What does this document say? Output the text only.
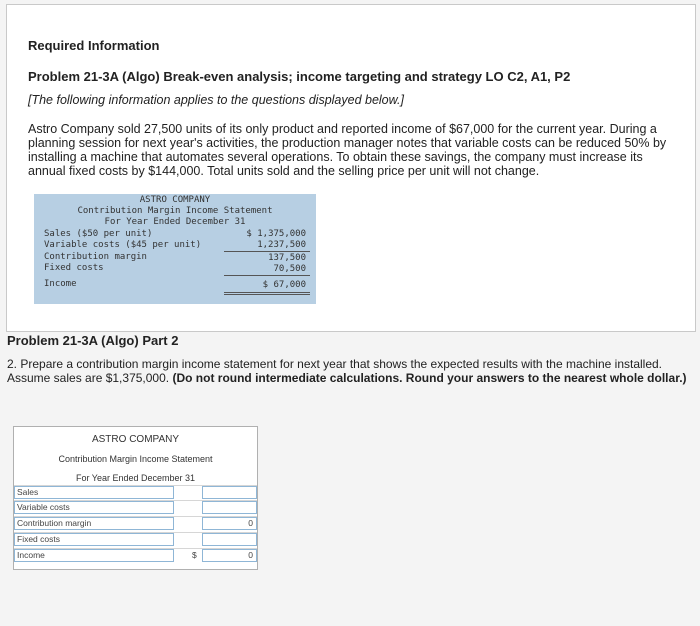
Required Information
Problem 21-3A (Algo) Break-even analysis; income targeting and strategy LO C2, A1, P2
[The following information applies to the questions displayed below.]
Astro Company sold 27,500 units of its only product and reported income of $67,000 for the current year. During a planning session for next year's activities, the production manager notes that variable costs can be reduced 50% by installing a machine that automates several operations. To obtain these savings, the company must increase its annual fixed costs by $144,000. Total units sold and the selling price per unit will not change.
ASTRO COMPANY
Contribution Margin Income Statement
For Year Ended December 31
Sales ($50 per unit)	$ 1,375,000
Variable costs ($45 per unit)	1,237,500
Contribution margin	137,500
Fixed costs	70,500
Income	$ 67,000
Problem 21-3A (Algo) Part 2
2. Prepare a contribution margin income statement for next year that shows the expected results with the machine installed. Assume sales are $1,375,000. (Do not round intermediate calculations. Round your answers to the nearest whole dollar.)
ASTRO COMPANY
Contribution Margin Income Statement
For Year Ended December 31
Sales
Variable costs
Contribution margin	0
Fixed costs
Income	$	0
